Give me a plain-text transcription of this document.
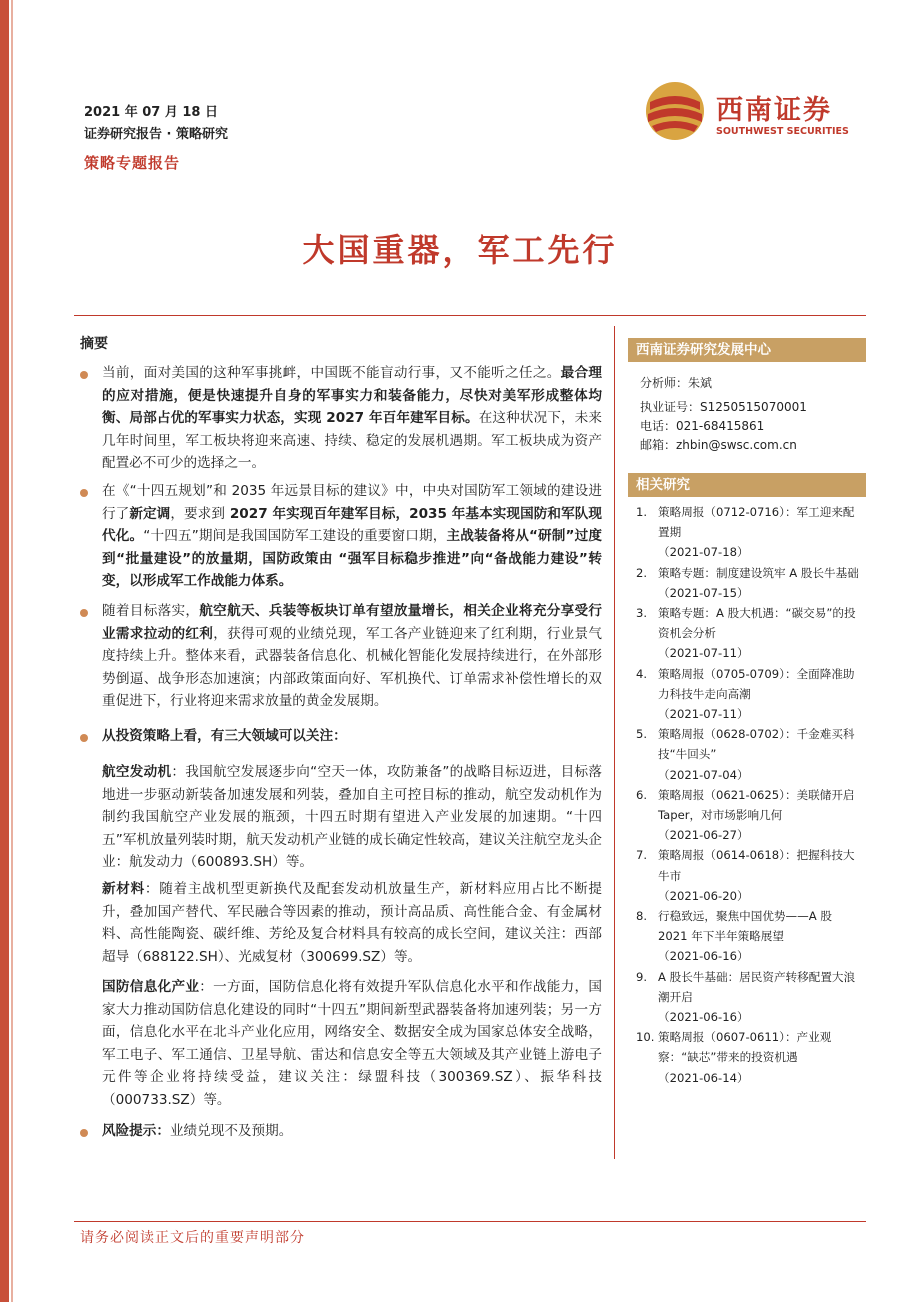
2021 年 07 月 18 日
证券研究报告 · 策略研究
策略专题报告
西南证券
SOUTHWEST SECURITIES
大国重器，军工先行
摘要
当前，面对美国的这种军事挑衅，中国既不能盲动行事，又不能听之任之。最合理的应对措施，便是快速提升自身的军事实力和装备能力，尽快对美军形成整体均衡、局部占优的军事实力状态，实现 2027 年百年建军目标。在这种状况下，未来几年时间里，军工板块将迎来高速、持续、稳定的发展机遇期。军工板块成为资产配置必不可少的选择之一。
在《“十四五规划”和 2035 年远景目标的建议》中，中央对国防军工领域的建设进行了新定调，要求到 2027 年实现百年建军目标，2035 年基本实现国防和军队现代化。“十四五”期间是我国国防军工建设的重要窗口期，主战装备将从“研制”过度到“批量建设”的放量期，国防政策由 “强军目标稳步推进”向“备战能力建设”转变，以形成军工作战能力体系。
随着目标落实，航空航天、兵装等板块订单有望放量增长，相关企业将充分享受行业需求拉动的红利，获得可观的业绩兑现，军工各产业链迎来了红利期，行业景气度持续上升。整体来看，武器装备信息化、机械化智能化发展持续进行，在外部形势倒逼、战争形态加速演；内部政策面向好、军机换代、订单需求补偿性增长的双重促进下，行业将迎来需求放量的黄金发展期。
从投资策略上看，有三大领域可以关注：
航空发动机：我国航空发展逐步向“空天一体，攻防兼备”的战略目标迈进，目标落地进一步驱动新装备加速发展和列装，叠加自主可控目标的推动，航空发动机作为制约我国航空产业发展的瓶颈，十四五时期有望进入产业发展的加速期。“十四五”军机放量列装时期，航天发动机产业链的成长确定性较高，建议关注航空龙头企业：航发动力（600893.SH）等。
新材料：随着主战机型更新换代及配套发动机放量生产，新材料应用占比不断提升，叠加国产替代、军民融合等因素的推动，预计高品质、高性能合金、有金属材料、高性能陶瓷、碳纤维、芳纶及复合材料具有较高的成长空间，建议关注：西部超导（688122.SH）、光威复材（300699.SZ）等。
国防信息化产业：一方面，国防信息化将有效提升军队信息化水平和作战能力，国家大力推动国防信息化建设的同时“十四五”期间新型武器装备将加速列装；另一方面，信息化水平在北斗产业化应用，网络安全、数据安全成为国家总体安全战略，军工电子、军工通信、卫星导航、雷达和信息安全等五大领域及其产业链上游电子元件等企业将持续受益，建议关注：绿盟科技（300369.SZ）、振华科技（000733.SZ）等。
风险提示：业绩兑现不及预期。
西南证券研究发展中心
分析师：朱斌
执业证号：S1250515070001
电话：021-68415861
邮箱：zhbin@swsc.com.cn
相关研究
1. 策略周报（0712-0716）：军工迎来配置期
（2021-07-18）
2. 策略专题：制度建设筑牢 A 股长牛基础
（2021-07-15）
3. 策略专题：A 股大机遇：“碳交易”的投资机会分析
（2021-07-11）
4. 策略周报（0705-0709）：全面降准助力科技牛走向高潮
（2021-07-11）
5. 策略周报（0628-0702）：千金难买科技“牛回头”
（2021-07-04）
6. 策略周报（0621-0625）：美联储开启 Taper，对市场影响几何
（2021-06-27）
7. 策略周报（0614-0618）：把握科技大牛市
（2021-06-20）
8. 行稳致远，聚焦中国优势——A 股 2021 年下半年策略展望
（2021-06-16）
9. A 股长牛基础：居民资产转移配置大浪潮开启
（2021-06-16）
10. 策略周报（0607-0611）：产业观察：“缺芯”带来的投资机遇
（2021-06-14）
请务必阅读正文后的重要声明部分
